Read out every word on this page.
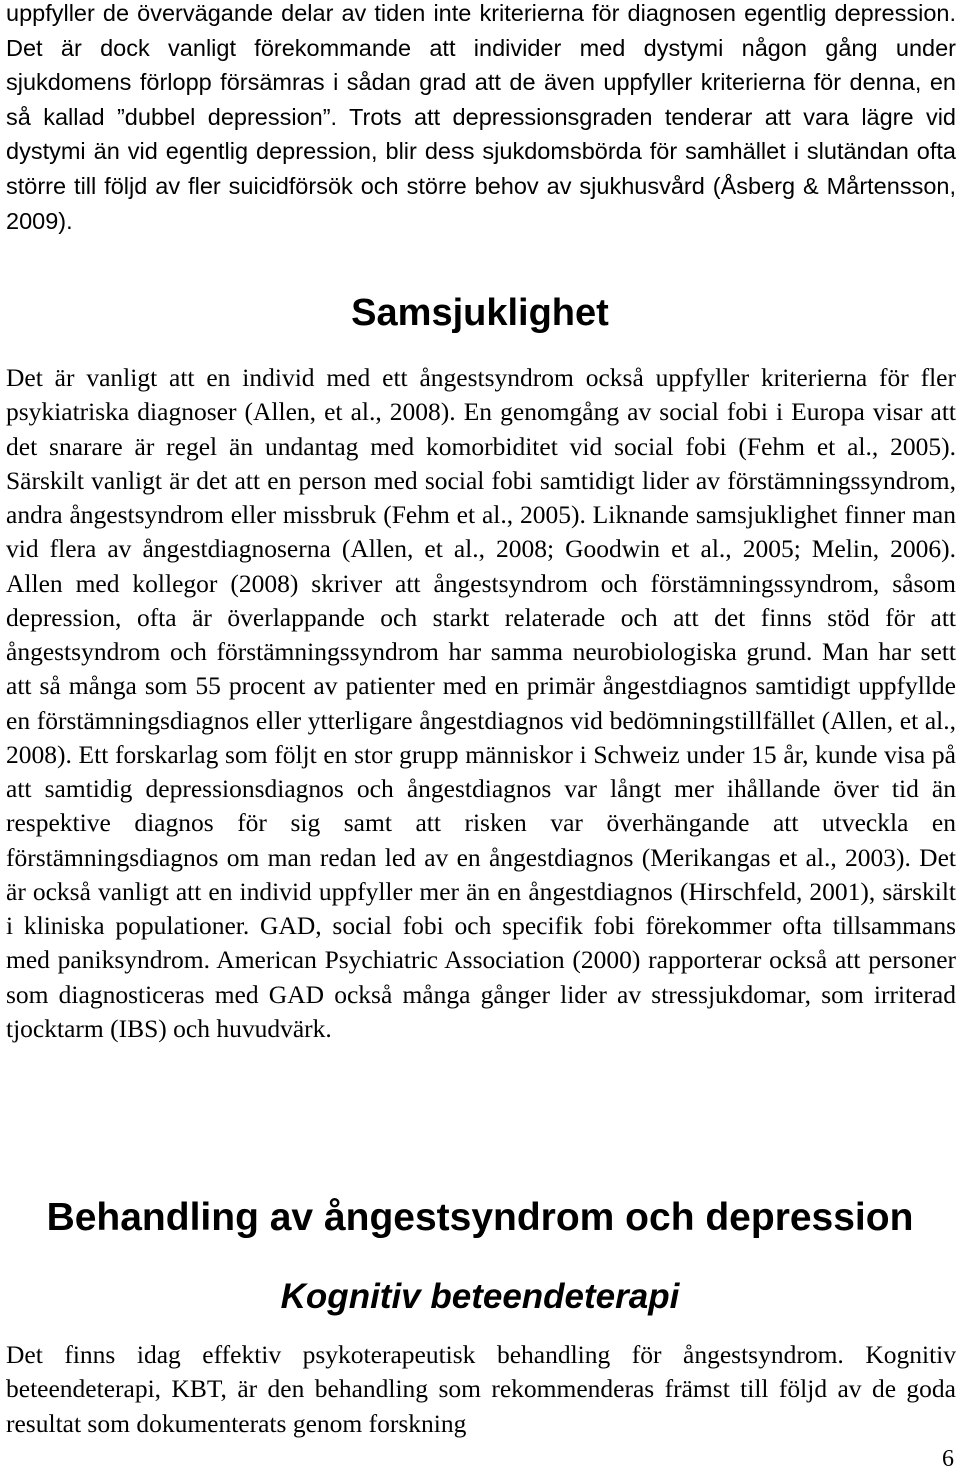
uppfyller de övervägande delar av tiden inte kriterierna för diagnosen egentlig depression. Det är dock vanligt förekommande att individer med dystymi någon gång under sjukdomens förlopp försämras i sådan grad att de även uppfyller kriterierna för denna, en så kallad ”dubbel depression”. Trots att depressionsgraden tenderar att vara lägre vid dystymi än vid egentlig depression, blir dess sjukdomsbörda för samhället i slutändan ofta större till följd av fler suicidförsök och större behov av sjukhusvård (Åsberg & Mårtensson, 2009).

Samsjuklighet

Det är vanligt att en individ med ett ångestsyndrom också uppfyller kriterierna för fler psykiatriska diagnoser (Allen, et al., 2008). En genomgång av social fobi i Europa visar att det snarare är regel än undantag med komorbiditet vid social fobi (Fehm et al., 2005). Särskilt vanligt är det att en person med social fobi samtidigt lider av förstämningssyndrom, andra ångestsyndrom eller missbruk (Fehm et al., 2005). Liknande samsjuklighet finner man vid flera av ångestdiagnoserna (Allen, et al., 2008; Goodwin et al., 2005; Melin, 2006). Allen med kollegor (2008) skriver att ångestsyndrom och förstämningssyndrom, såsom depression, ofta är överlappande och starkt relaterade och att det finns stöd för att ångestsyndrom och förstämningssyndrom har samma neurobiologiska grund. Man har sett att så många som 55 procent av patienter med en primär ångestdiagnos samtidigt uppfyllde en förstämningsdiagnos eller ytterligare ångestdiagnos vid bedömningstillfället (Allen, et al., 2008). Ett forskarlag som följt en stor grupp människor i Schweiz under 15 år, kunde visa på att samtidig depressionsdiagnos och ångestdiagnos var långt mer ihållande över tid än respektive diagnos för sig samt att risken var överhängande att utveckla en förstämningsdiagnos om man redan led av en ångestdiagnos (Merikangas et al., 2003). Det är också vanligt att en individ uppfyller mer än en ångestdiagnos (Hirschfeld, 2001), särskilt i kliniska populationer. GAD, social fobi och specifik fobi förekommer ofta tillsammans med paniksyndrom. American Psychiatric Association (2000) rapporterar också att personer som diagnosticeras med GAD också många gånger lider av stressjukdomar, som irriterad tjocktarm (IBS) och huvudvärk.

Behandling av ångestsyndrom och depression
Kognitiv beteendeterapi

Det finns idag effektiv psykoterapeutisk behandling för ångestsyndrom. Kognitiv beteendeterapi, KBT, är den behandling som rekommenderas främst till följd av de goda resultat som dokumenterats genom forskning

6
